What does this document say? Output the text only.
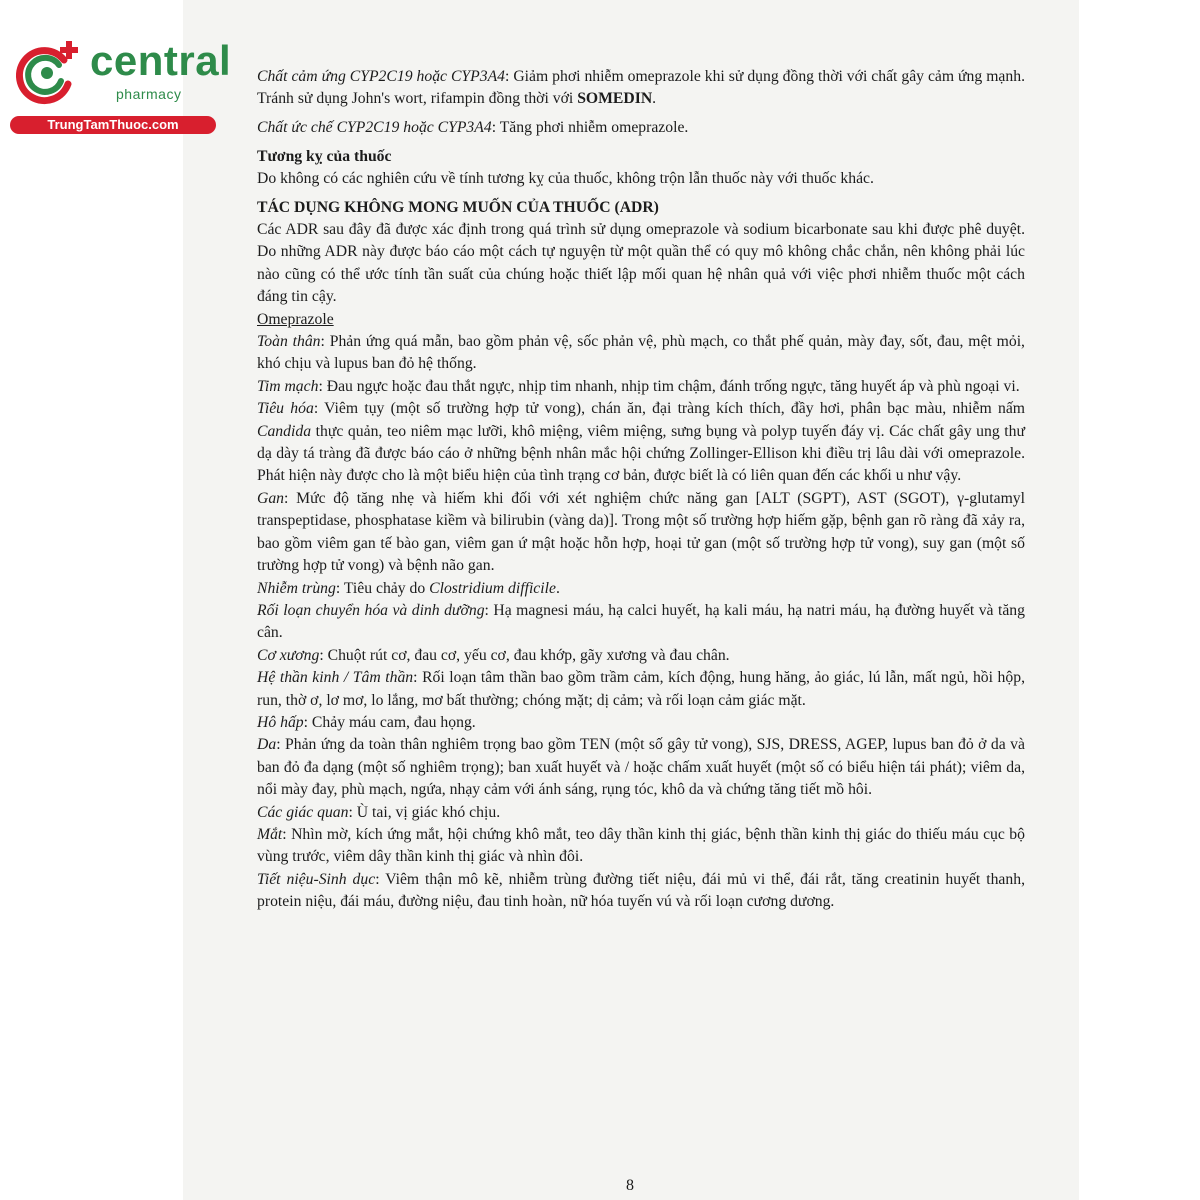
central
pharmacy
TrungTamThuoc.com

Chất cảm ứng CYP2C19 hoặc CYP3A4: Giảm phơi nhiễm omeprazole khi sử dụng đồng thời với chất gây cảm ứng mạnh. Tránh sử dụng John's wort, rifampin đồng thời với SOMEDIN.

Chất ức chế CYP2C19 hoặc CYP3A4: Tăng phơi nhiễm omeprazole.

Tương kỵ của thuốc

Do không có các nghiên cứu về tính tương kỵ của thuốc, không trộn lẫn thuốc này với thuốc khác.

TÁC DỤNG KHÔNG MONG MUỐN CỦA THUỐC (ADR)

Các ADR sau đây đã được xác định trong quá trình sử dụng omeprazole và sodium bicarbonate sau khi được phê duyệt. Do những ADR này được báo cáo một cách tự nguyện từ một quần thể có quy mô không chắc chắn, nên không phải lúc nào cũng có thể ước tính tần suất của chúng hoặc thiết lập mối quan hệ nhân quả với việc phơi nhiễm thuốc một cách đáng tin cậy.

Omeprazole

Toàn thân: Phản ứng quá mẫn, bao gồm phản vệ, sốc phản vệ, phù mạch, co thắt phế quản, mày đay, sốt, đau, mệt mỏi, khó chịu và lupus ban đỏ hệ thống.

Tim mạch: Đau ngực hoặc đau thắt ngực, nhịp tim nhanh, nhịp tim chậm, đánh trống ngực, tăng huyết áp và phù ngoại vi.

Tiêu hóa: Viêm tụy (một số trường hợp tử vong), chán ăn, đại tràng kích thích, đầy hơi, phân bạc màu, nhiễm nấm Candida thực quản, teo niêm mạc lưỡi, khô miệng, viêm miệng, sưng bụng và polyp tuyến đáy vị. Các chất gây ung thư dạ dày tá tràng đã được báo cáo ở những bệnh nhân mắc hội chứng Zollinger-Ellison khi điều trị lâu dài với omeprazole. Phát hiện này được cho là một biểu hiện của tình trạng cơ bản, được biết là có liên quan đến các khối u như vậy.

Gan: Mức độ tăng nhẹ và hiếm khi đối với xét nghiệm chức năng gan [ALT (SGPT), AST (SGOT), γ-glutamyl transpeptidase, phosphatase kiềm và bilirubin (vàng da)]. Trong một số trường hợp hiếm gặp, bệnh gan rõ ràng đã xảy ra, bao gồm viêm gan tế bào gan, viêm gan ứ mật hoặc hỗn hợp, hoại tử gan (một số trường hợp tử vong), suy gan (một số trường hợp tử vong) và bệnh não gan.

Nhiễm trùng: Tiêu chảy do Clostridium difficile.

Rối loạn chuyển hóa và dinh dưỡng: Hạ magnesi máu, hạ calci huyết, hạ kali máu, hạ natri máu, hạ đường huyết và tăng cân.

Cơ xương: Chuột rút cơ, đau cơ, yếu cơ, đau khớp, gãy xương và đau chân.

Hệ thần kinh / Tâm thần: Rối loạn tâm thần bao gồm trầm cảm, kích động, hung hăng, ảo giác, lú lẫn, mất ngủ, hồi hộp, run, thờ ơ, lơ mơ, lo lắng, mơ bất thường; chóng mặt; dị cảm; và rối loạn cảm giác mặt.

Hô hấp: Chảy máu cam, đau họng.

Da: Phản ứng da toàn thân nghiêm trọng bao gồm TEN (một số gây tử vong), SJS, DRESS, AGEP, lupus ban đỏ ở da và ban đỏ đa dạng (một số nghiêm trọng); ban xuất huyết và / hoặc chấm xuất huyết (một số có biểu hiện tái phát); viêm da, nổi mày đay, phù mạch, ngứa, nhạy cảm với ánh sáng, rụng tóc, khô da và chứng tăng tiết mồ hôi.

Các giác quan: Ù tai, vị giác khó chịu.

Mắt: Nhìn mờ, kích ứng mắt, hội chứng khô mắt, teo dây thần kinh thị giác, bệnh thần kinh thị giác do thiếu máu cục bộ vùng trước, viêm dây thần kinh thị giác và nhìn đôi.

Tiết niệu-Sinh dục: Viêm thận mô kẽ, nhiễm trùng đường tiết niệu, đái mủ vi thể, đái rắt, tăng creatinin huyết thanh, protein niệu, đái máu, đường niệu, đau tinh hoàn, nữ hóa tuyến vú và rối loạn cương dương.

8
